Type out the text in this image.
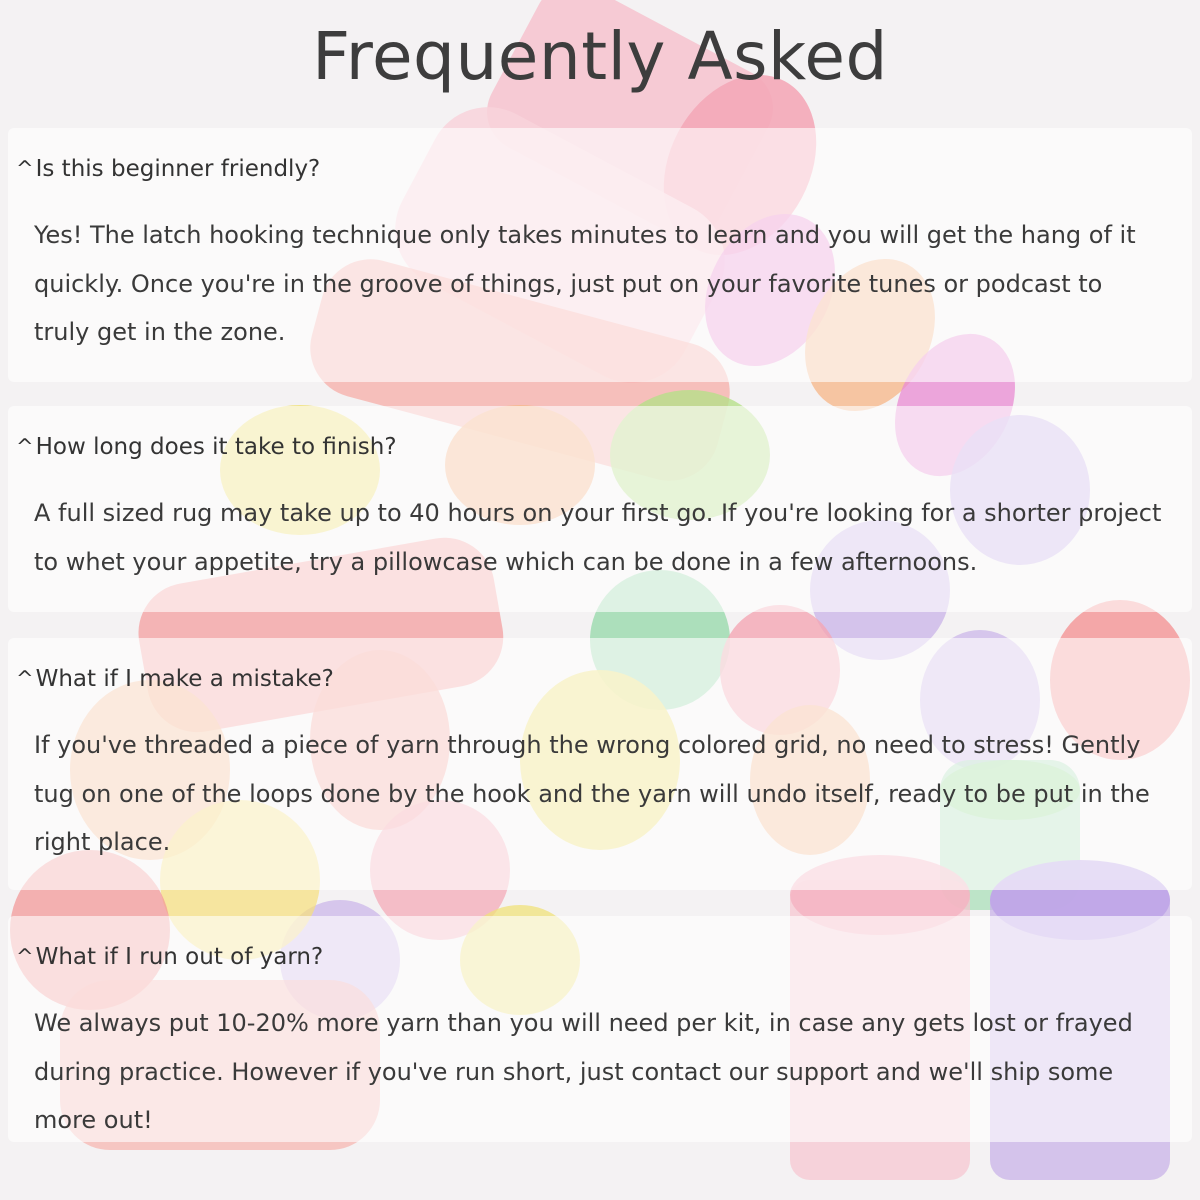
Frequently Asked
^ Is this beginner friendly?

Yes! The latch hooking technique only takes minutes to learn and you will get the hang of it quickly. Once you're in the groove of things, just put on your favorite tunes or podcast to truly get in the zone.

^ How long does it take to finish?

A full sized rug may take up to 40 hours on your first go. If you're looking for a shorter project to whet your appetite, try a pillowcase which can be done in a few afternoons.

^ What if I make a mistake?

If you've threaded a piece of yarn through the wrong colored grid, no need to stress! Gently tug on one of the loops done by the hook and the yarn will undo itself, ready to be put in the right place.

^ What if I run out of yarn?

We always put 10-20% more yarn than you will need per kit, in case any gets lost or frayed during practice. However if you've run short, just contact our support and we'll ship some more out!
